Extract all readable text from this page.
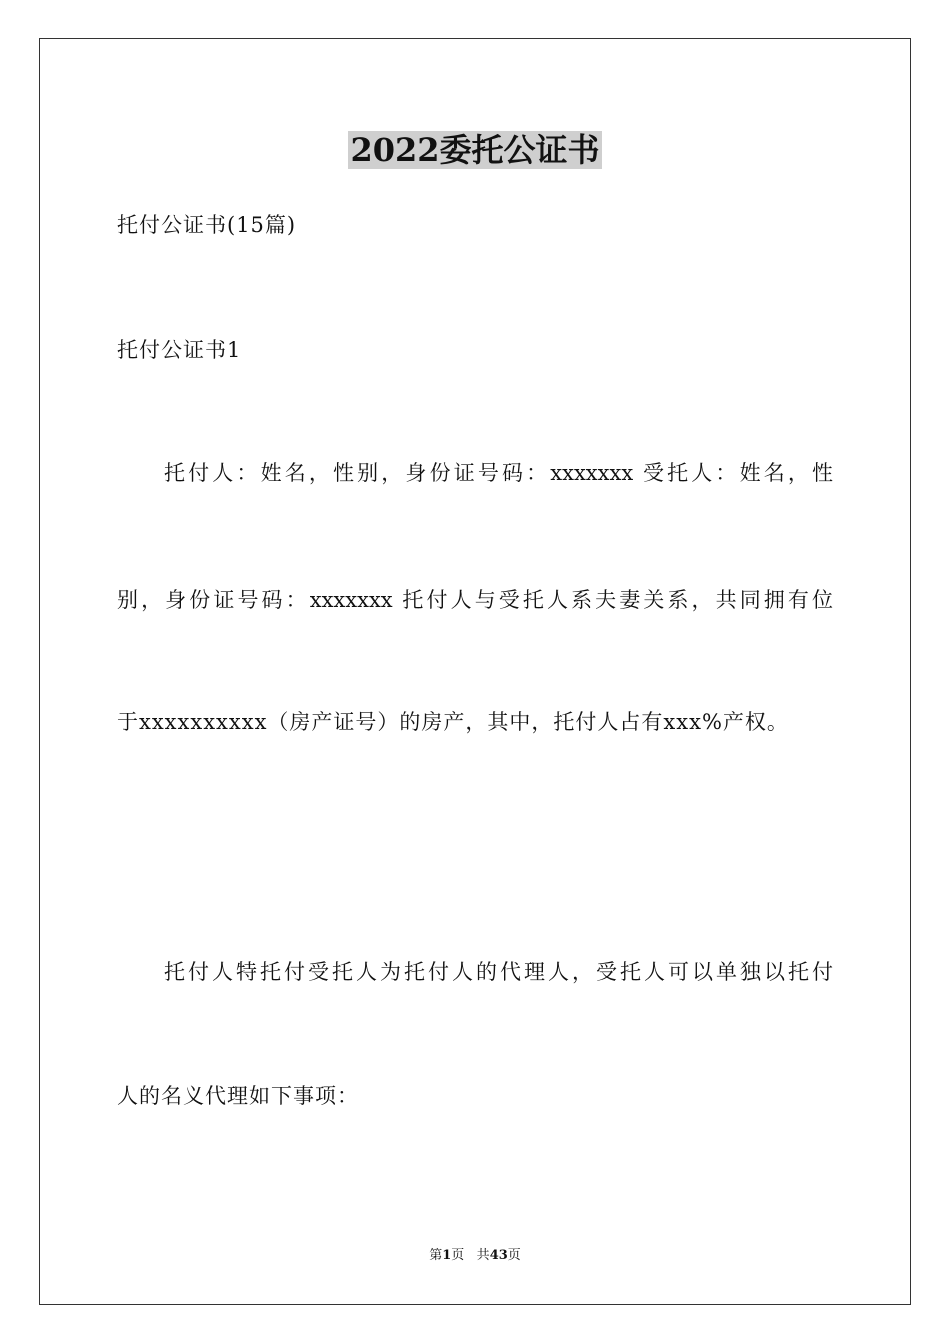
2022委托公证书
托付公证书(15篇)
托付公证书1
托付人：姓名，性别，身份证号码：xxxxxxx 受托人：姓名，性
别，身份证号码：xxxxxxx 托付人与受托人系夫妻关系，共同拥有位
于xxxxxxxxxx（房产证号）的房产，其中，托付人占有xxx%产权。
托付人特托付受托人为托付人的代理人，受托人可以单独以托付
人的名义代理如下事项：
第1页 共43页
